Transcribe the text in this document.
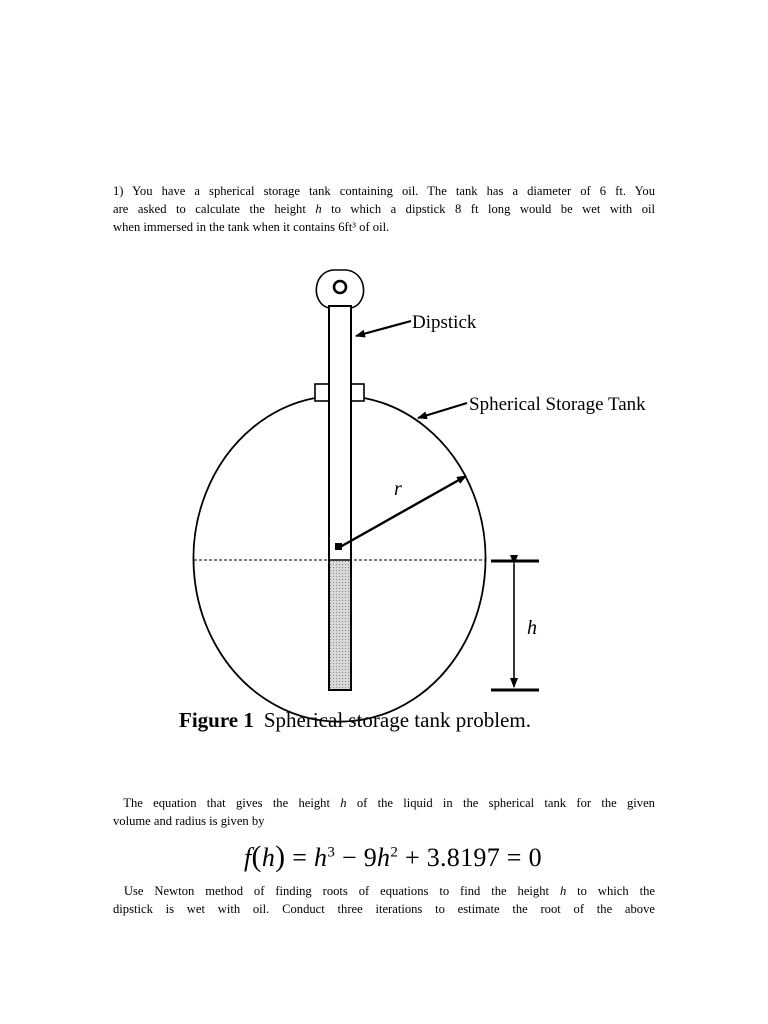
1) You have a spherical storage tank containing oil. The tank has a diameter of 6 ft. You
are asked to calculate the height h to which a dipstick 8 ft long would be wet with oil
when immersed in the tank when it contains 6ft³ of oil.
r
Dipstick
Spherical Storage Tank
h
Figure 1 Spherical storage tank problem.
The equation that gives the height h of the liquid in the spherical tank for the given
volume and radius is given by
$f(h) = h^3 - 9h^2 + 3.8197 = 0$
Use Newton method of finding roots of equations to find the height h to which the
dipstick is wet with oil. Conduct three iterations to estimate the root of the above
